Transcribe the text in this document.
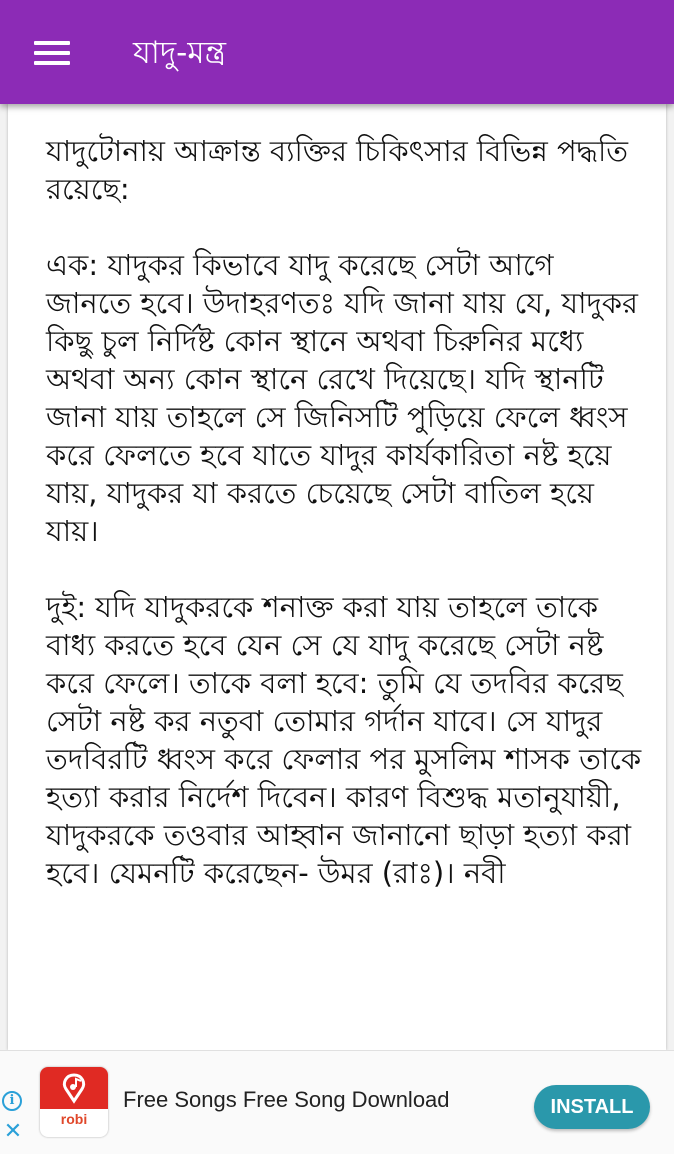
যাদু-মন্ত্র

যাদুটোনায় আক্রান্ত ব্যক্তির চিকিৎসার বিভিন্ন পদ্ধতি রয়েছে:

এক: যাদুকর কিভাবে যাদু করেছে সেটা আগে জানতে হবে। উদাহরণতঃ যদি জানা যায় যে, যাদুকর কিছু চুল নির্দিষ্ট কোন স্থানে অথবা চিরুনির মধ্যে অথবা অন্য কোন স্থানে রেখে দিয়েছে। যদি স্থানটি জানা যায় তাহলে সে জিনিসটি পুড়িয়ে ফেলে ধ্বংস করে ফেলতে হবে যাতে যাদুর কার্যকারিতা নষ্ট হয়ে যায়, যাদুকর যা করতে চেয়েছে সেটা বাতিল হয়ে যায়।

দুই: যদি যাদুকরকে শনাক্ত করা যায় তাহলে তাকে বাধ্য করতে হবে যেন সে যে যাদু করেছে সেটা নষ্ট করে ফেলে। তাকে বলা হবে: তুমি যে তদবির করেছ সেটা নষ্ট কর নতুবা তোমার গর্দান যাবে। সে যাদুর তদবিরটি ধ্বংস করে ফেলার পর মুসলিম শাসক তাকে হত্যা করার নির্দেশ দিবেন। কারণ বিশুদ্ধ মতানুযায়ী, যাদুকরকে তওবার আহ্বান জানানো ছাড়া হত্যা করা হবে। যেমনটি করেছেন- উমর (রাঃ)। নবী

i
✕	robi
Free Songs Free Song Download	INSTALL
